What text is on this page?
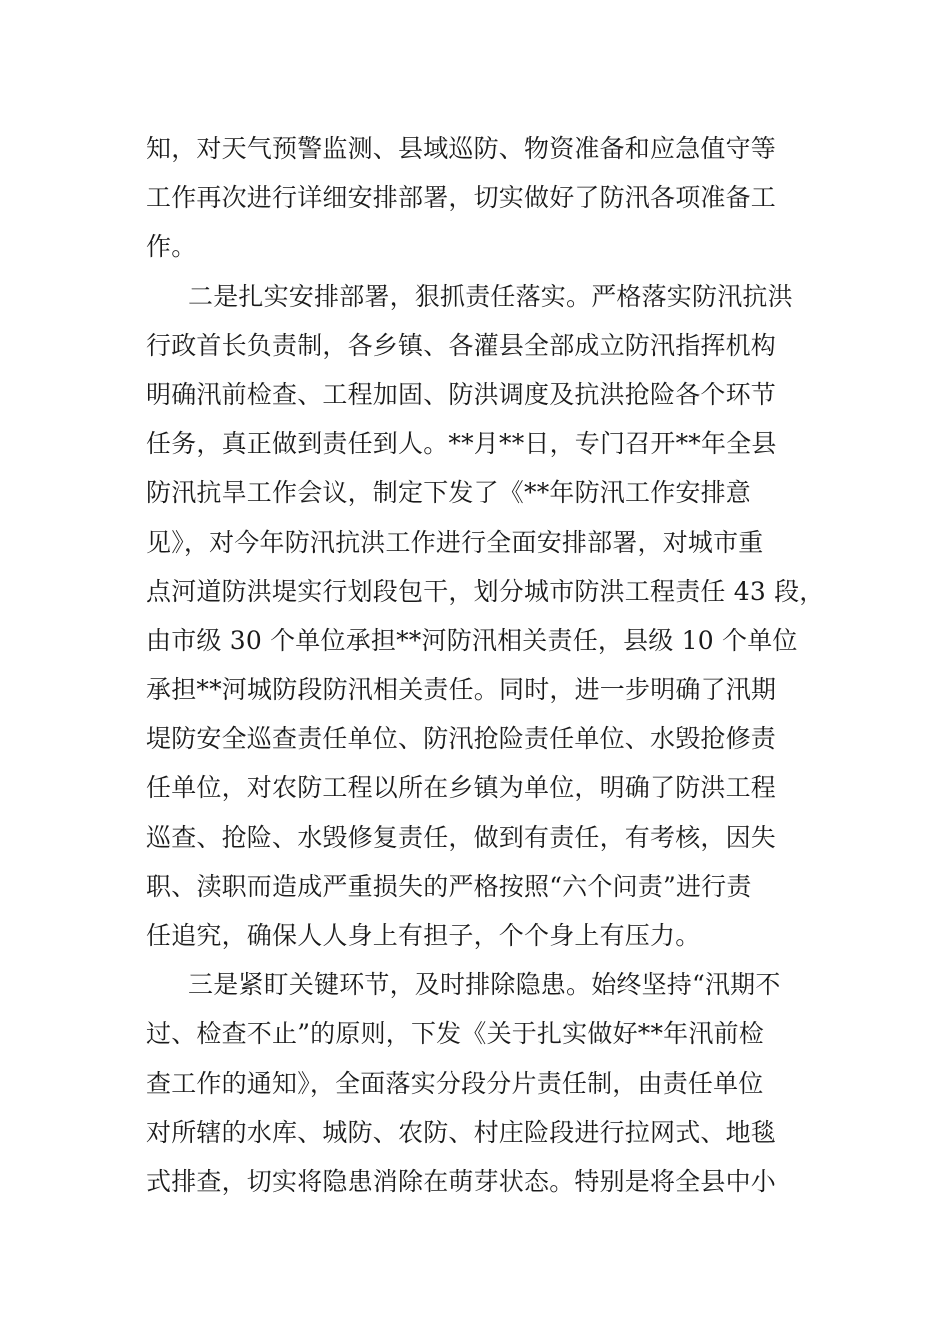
知，对天气预警监测、县域巡防、物资准备和应急值守等
工作再次进行详细安排部署，切实做好了防汛各项准备工
作。
二是扎实安排部署，狠抓责任落实。严格落实防汛抗洪
行政首长负责制，各乡镇、各灌县全部成立防汛指挥机构
明确汛前检查、工程加固、防洪调度及抗洪抢险各个环节
任务，真正做到责任到人。**月**日，专门召开**年全县
防汛抗旱工作会议，制定下发了《**年防汛工作安排意
见》，对今年防汛抗洪工作进行全面安排部署，对城市重
点河道防洪堤实行划段包干，划分城市防洪工程责任 43 段，
由市级 30 个单位承担**河防汛相关责任，县级 10 个单位
承担**河城防段防汛相关责任。同时，进一步明确了汛期
堤防安全巡查责任单位、防汛抢险责任单位、水毁抢修责
任单位，对农防工程以所在乡镇为单位，明确了防洪工程
巡查、抢险、水毁修复责任，做到有责任，有考核，因失
职、渎职而造成严重损失的严格按照“六个问责”进行责
任追究，确保人人身上有担子，个个身上有压力。
三是紧盯关键环节，及时排除隐患。始终坚持“汛期不
过、检查不止”的原则，下发《关于扎实做好**年汛前检
查工作的通知》，全面落实分段分片责任制，由责任单位
对所辖的水库、城防、农防、村庄险段进行拉网式、地毯
式排查，切实将隐患消除在萌芽状态。特别是将全县中小
